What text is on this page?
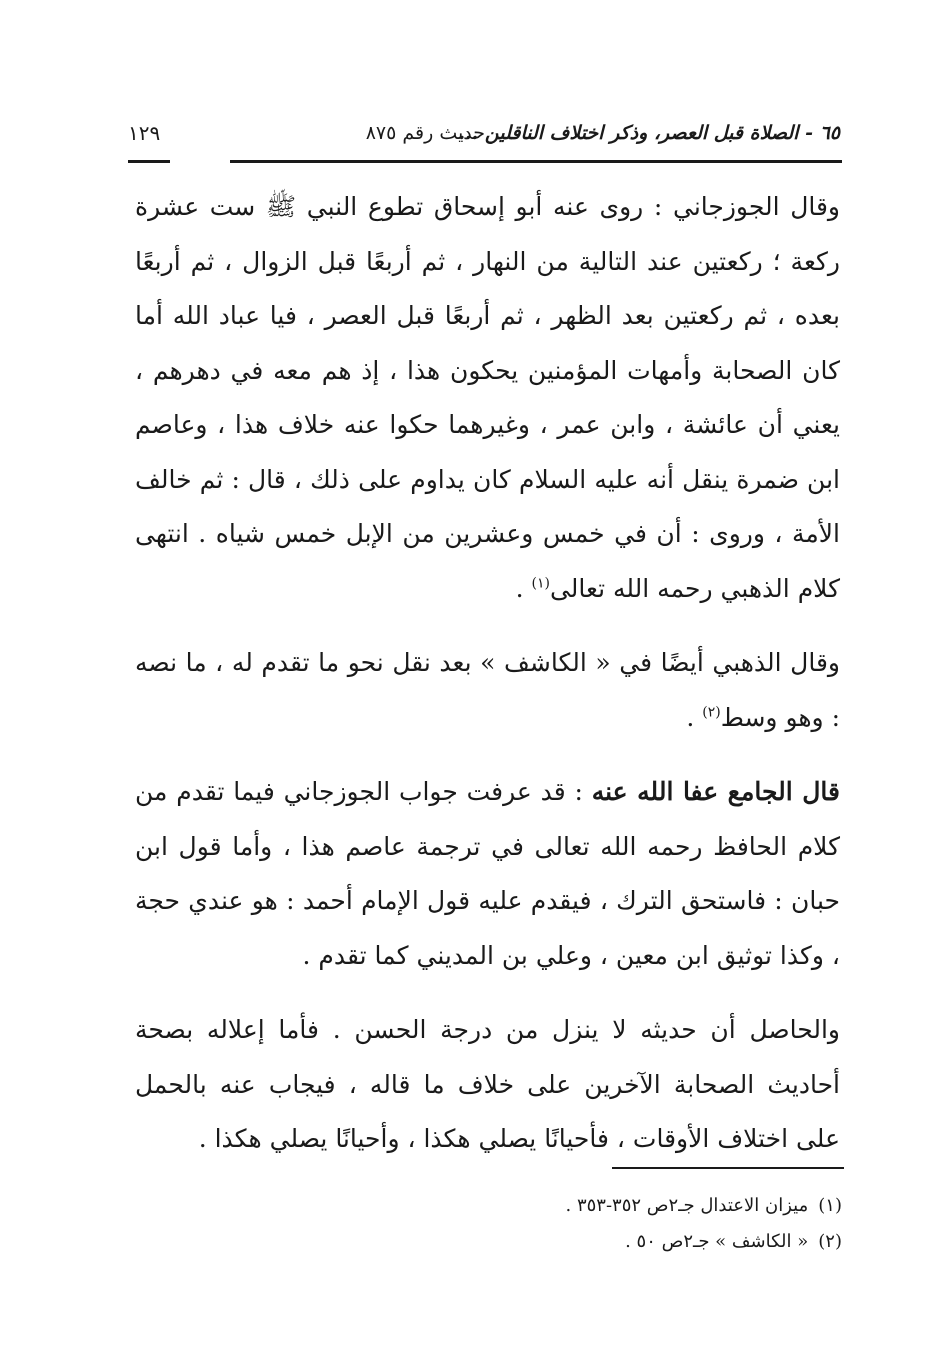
٦٥ - الصلاة قبل العصر، وذكر اختلاف الناقلين ...
حديث رقم ٨٧٥
١٢٩

وقال الجوزجاني : روى عنه أبو إسحاق تطوع النبي ﷺ ست عشرة ركعة ؛ ركعتين عند التالية من النهار ، ثم أربعًا قبل الزوال ، ثم أربعًا بعده ، ثم ركعتين بعد الظهر ، ثم أربعًا قبل العصر ، فيا عباد الله أما كان الصحابة وأمهات المؤمنين يحكون هذا ، إذ هم معه في دهرهم ، يعني أن عائشة ، وابن عمر ، وغيرهما حكوا عنه خلاف هذا ، وعاصم ابن ضمرة ينقل أنه عليه السلام كان يداوم على ذلك ، قال : ثم خالف الأمة ، وروى : أن في خمس وعشرين من الإبل خمس شياه . انتهى كلام الذهبي رحمه الله تعالى$^{(١)}$ .

وقال الذهبي أيضًا في « الكاشف » بعد نقل نحو ما تقدم له ، ما نصه : وهو وسط$^{(٢)}$ .

قال الجامع عفا الله عنه : قد عرفت جواب الجوزجاني فيما تقدم من كلام الحافظ رحمه الله تعالى في ترجمة عاصم هذا ، وأما قول ابن حبان : فاستحق الترك ، فيقدم عليه قول الإمام أحمد : هو عندي حجة ، وكذا توثيق ابن معين ، وعلي بن المديني كما تقدم .

والحاصل أن حديثه لا ينزل من درجة الحسن . فأما إعلاله بصحة أحاديث الصحابة الآخرين على خلاف ما قاله ، فيجاب عنه بالحمل على اختلاف الأوقات ، فأحيانًا يصلي هكذا ، وأحيانًا يصلي هكذا .

(١)ميزان الاعتدال جـ٢ص ٣٥٢-٣٥٣ .

(٢)« الكاشف » جـ٢ص ٥٠ .
